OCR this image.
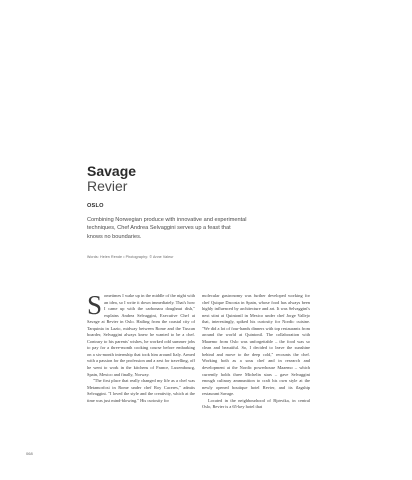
Savage
Revier
OSLO
Combining Norwegian produce with innovative and experimental techniques, Chef Andrea Selvaggini serves up a feast that knows no boundaries.
Words: Helen Rende • Photography: © Anne Valeur

Sometimes I wake up in the middle of the night with an idea, so I write it down immediately. That's how I came up with the carbonara doughnut dish," explains Andrea Selvaggini, Executive Chef at Savage at Revier in Oslo. Hailing from the coastal city of Tarquinia in Lazio, midway between Rome and the Tuscan boarder, Selvaggini always knew he wanted to be a chef. Contrary to his parents' wishes, he worked odd summer jobs to pay for a three-month cooking course before embarking on a six-month internship that took him around Italy. Armed with a passion for the profession and a zest for travelling, off he went to work in the kitchens of France, Luxembourg, Spain, Mexico and finally, Norway.

"The first place that really changed my life as a chef was Metamorfosi in Rome under chef Roy Caceres," admits Selvaggini. "I loved the style and the creativity, which at the time was just mind-blowing." His curiosity for

molecular gastronomy was further developed working for chef Quique Dacosta in Spain, whose food has always been highly influenced by architecture and art. It was Selvaggini's next stint at Quintonil in Mexico under chef Jorge Vallejo that, interestingly, spiked his curiosity for Nordic cuisine. "We did a lot of four-hands dinners with top restaurants from around the world at Quintonil. The collaboration with Maaemo from Oslo was unforgettable – the food was so clean and beautiful. So, I decided to leave the sunshine behind and move to the deep cold," recounts the chef. Working both as a sous chef and in research and development at the Nordic powerhouse Maaemo – which currently holds three Michelin stars – gave Selvaggini enough culinary ammunition to craft his own style at the newly opened boutique hotel Revier, and its flagship restaurant Savage.

Located in the neighbourhood of Bjørvika, in central Oslo, Revier is a 65-key hotel that

068
